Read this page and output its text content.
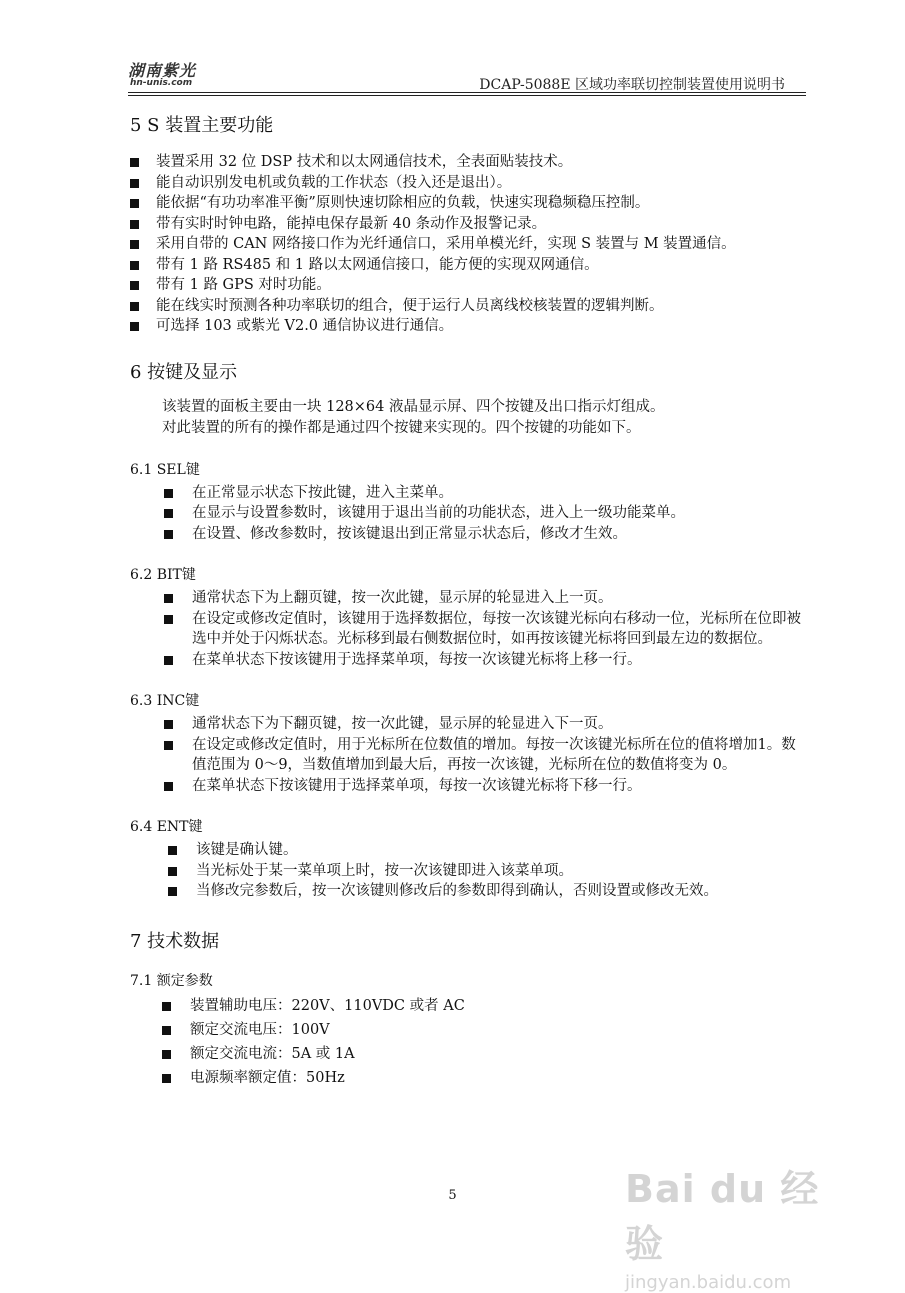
湖南紫光
hn-unis.com	DCAP-5088E 区域功率联切控制装置使用说明书
5 S 装置主要功能
装置采用 32 位 DSP 技术和以太网通信技术，全表面贴装技术。
能自动识别发电机或负载的工作状态（投入还是退出）。
能依据“有功功率准平衡”原则快速切除相应的负载，快速实现稳频稳压控制。
带有实时时钟电路，能掉电保存最新 40 条动作及报警记录。
采用自带的 CAN 网络接口作为光纤通信口，采用单模光纤，实现 S 装置与 M 装置通信。
带有 1 路 RS485 和 1 路以太网通信接口，能方便的实现双网通信。
带有 1 路 GPS 对时功能。
能在线实时预测各种功率联切的组合，便于运行人员离线校核装置的逻辑判断。
可选择 103 或紫光 V2.0 通信协议进行通信。
6 按键及显示

该装置的面板主要由一块 128×64 液晶显示屏、四个按键及出口指示灯组成。

对此装置的所有的操作都是通过四个按键来实现的。四个按键的功能如下。

6.1 SEL键
在正常显示状态下按此键，进入主菜单。
在显示与设置参数时，该键用于退出当前的功能状态，进入上一级功能菜单。
在设置、修改参数时，按该键退出到正常显示状态后，修改才生效。
6.2 BIT键
通常状态下为上翻页键，按一次此键，显示屏的轮显进入上一页。
在设定或修改定值时，该键用于选择数据位，每按一次该键光标向右移动一位，光标所在位即被选中并处于闪烁状态。光标移到最右侧数据位时，如再按该键光标将回到最左边的数据位。
在菜单状态下按该键用于选择菜单项，每按一次该键光标将上移一行。
6.3 INC键
通常状态下为下翻页键，按一次此键，显示屏的轮显进入下一页。
在设定或修改定值时，用于光标所在位数值的增加。每按一次该键光标所在位的值将增加1。数值范围为 0～9，当数值增加到最大后，再按一次该键，光标所在位的数值将变为 0。
在菜单状态下按该键用于选择菜单项，每按一次该键光标将下移一行。
6.4 ENT键
该键是确认键。
当光标处于某一菜单项上时，按一次该键即进入该菜单项。
当修改完参数后，按一次该键则修改后的参数即得到确认，否则设置或修改无效。
7 技术数据
7.1 额定参数
装置辅助电压：220V、110VDC 或者 AC
额定交流电压：100V
额定交流电流：5A 或 1A
电源频率额定值：50Hz
5	Bai du 经验
jingyan.baidu.com
